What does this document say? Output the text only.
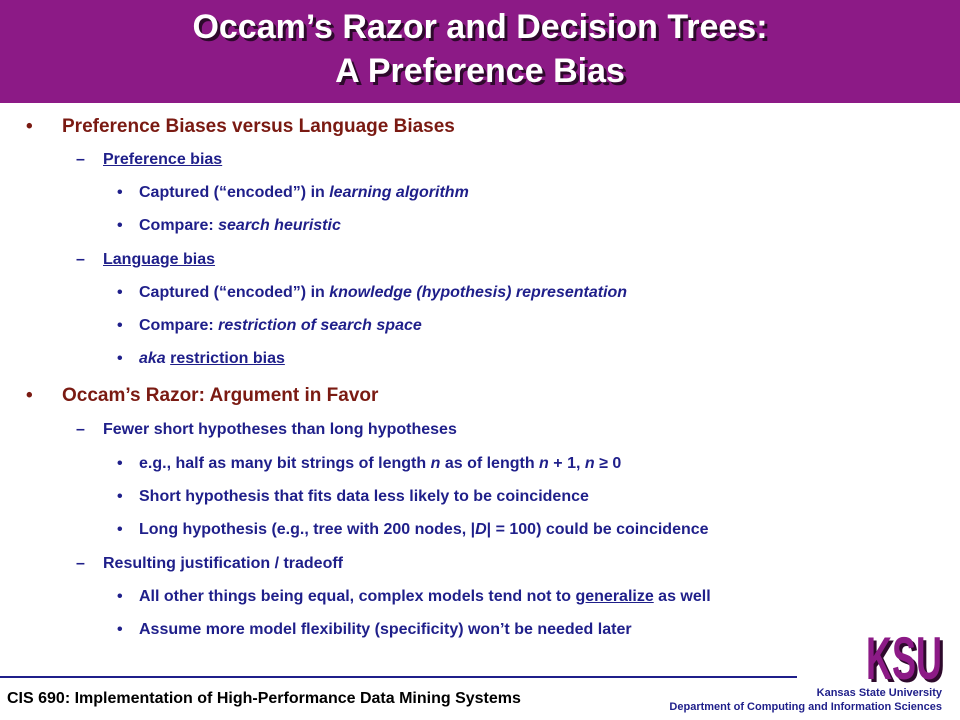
Occam’s Razor and Decision Trees:
A Preference Bias
• Preference Biases versus Language Biases
– Preference bias
• Captured (“encoded”) in learning algorithm
• Compare: search heuristic
– Language bias
• Captured (“encoded”) in knowledge (hypothesis) representation
• Compare: restriction of search space
• aka restriction bias
• Occam’s Razor: Argument in Favor
– Fewer short hypotheses than long hypotheses
• e.g., half as many bit strings of length n as of length n + 1, n ≥ 0
• Short hypothesis that fits data less likely to be coincidence
• Long hypothesis (e.g., tree with 200 nodes, |D| = 100) could be coincidence
– Resulting justification / tradeoff
• All other things being equal, complex models tend not to generalize as well
• Assume more model flexibility (specificity) won’t be needed later	KSU
KSU
CIS 690: Implementation of High-Performance Data Mining Systems	Kansas State University
Department of Computing and Information Sciences
